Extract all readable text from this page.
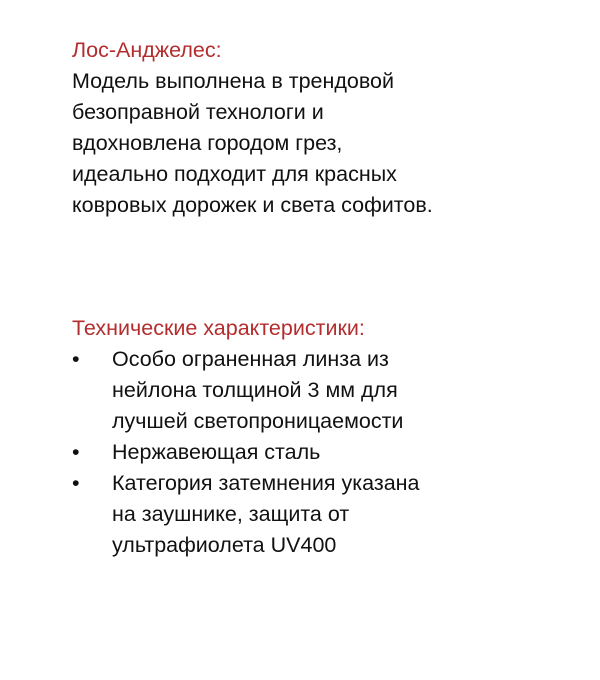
Лос-Анджелес:
Модель выполнена в трендовой
безоправной технологи и
вдохновлена городом грез,
идеально подходит для красных
ковровых дорожек и света софитов.
Технические характеристики:
•	Особо ограненная линза из
нейлона толщиной 3 мм для
лучшей светопроницаемости
•	Нержавеющая сталь
•	Категория затемнения указана
на заушнике, защита от
ультрафиолета UV400
